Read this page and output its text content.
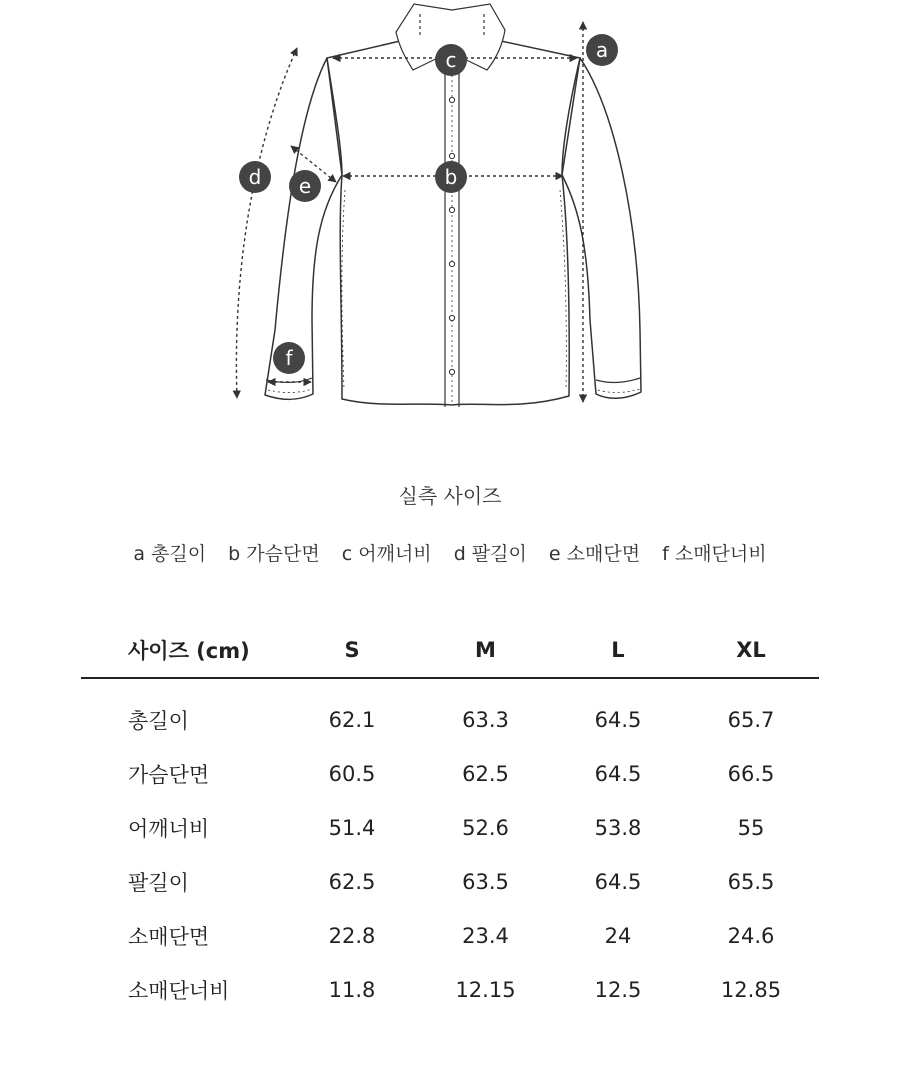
a
c
b
d e
f
실측 사이즈
a 총길이 b 가슴단면 c 어깨너비 d 팔길이 e 소매단면 f 소매단너비
사이즈 (cm)	S	M	L	XL
총길이	62.1	63.3	64.5	65.7
가슴단면	60.5	62.5	64.5	66.5
어깨너비	51.4	52.6	53.8	55
팔길이	62.5	63.5	64.5	65.5
소매단면	22.8	23.4	24	24.6
소매단너비	11.8	12.15	12.5	12.85
